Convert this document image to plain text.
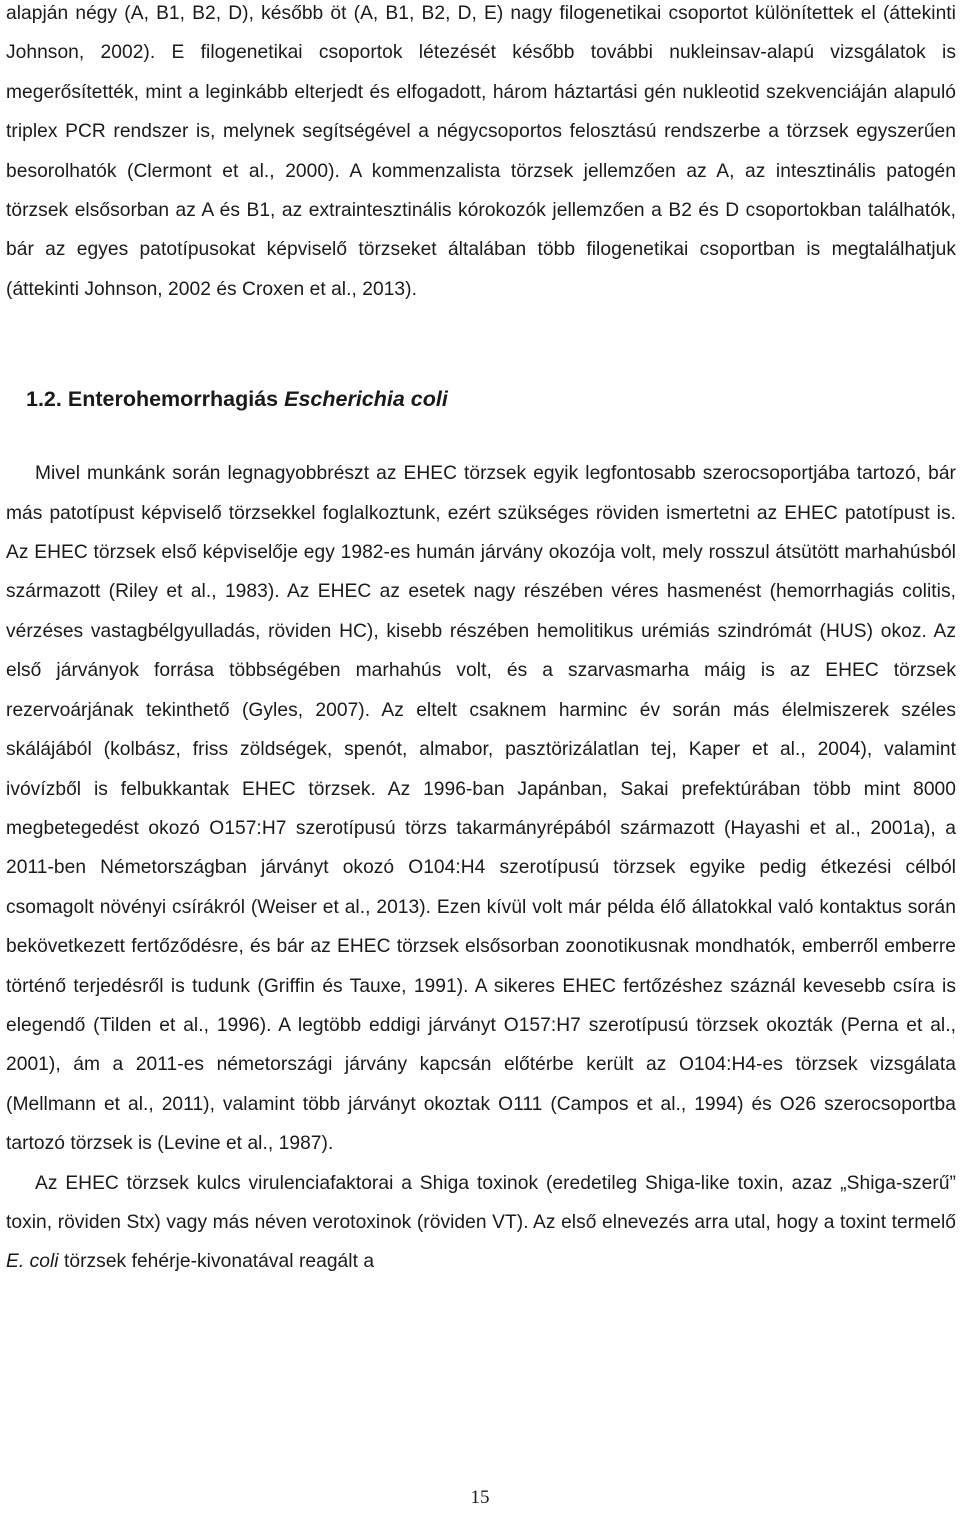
alapján négy (A, B1, B2, D), később öt (A, B1, B2, D, E) nagy filogenetikai csoportot különítettek el (áttekinti Johnson, 2002). E filogenetikai csoportok létezését később további nukleinsav-alapú vizsgálatok is megerősítették, mint a leginkább elterjedt és elfogadott, három háztartási gén nukleotid szekvenciáján alapuló triplex PCR rendszer is, melynek segítségével a négycsoportos felosztású rendszerbe a törzsek egyszerűen besorolhatók (Clermont et al., 2000). A kommenzalista törzsek jellemzően az A, az intesztinális patogén törzsek elsősorban az A és B1, az extraintesztinális kórokozók jellemzően a B2 és D csoportokban találhatók, bár az egyes patotípusokat képviselő törzseket általában több filogenetikai csoportban is megtalálhatjuk (áttekinti Johnson, 2002 és Croxen et al., 2013).

1.2. Enterohemorrhagiás Escherichia coli

Mivel munkánk során legnagyobbrészt az EHEC törzsek egyik legfontosabb szerocsoportjába tartozó, bár más patotípust képviselő törzsekkel foglalkoztunk, ezért szükséges röviden ismertetni az EHEC patotípust is. Az EHEC törzsek első képviselője egy 1982-es humán járvány okozója volt, mely rosszul átsütött marhahúsból származott (Riley et al., 1983). Az EHEC az esetek nagy részében véres hasmenést (hemorrhagiás colitis, vérzéses vastagbélgyulladás, röviden HC), kisebb részében hemolitikus urémiás szindrómát (HUS) okoz. Az első járványok forrása többségében marhahús volt, és a szarvasmarha máig is az EHEC törzsek rezervoárjának tekinthető (Gyles, 2007). Az eltelt csaknem harminc év során más élelmiszerek széles skálájából (kolbász, friss zöldségek, spenót, almabor, pasztörizálatlan tej, Kaper et al., 2004), valamint ivóvízből is felbukkantak EHEC törzsek. Az 1996-ban Japánban, Sakai prefektúrában több mint 8000 megbetegedést okozó O157:H7 szerotípusú törzs takarmányrépából származott (Hayashi et al., 2001a), a 2011-ben Németországban járványt okozó O104:H4 szerotípusú törzsek egyike pedig étkezési célból csomagolt növényi csírákról (Weiser et al., 2013). Ezen kívül volt már példa élő állatokkal való kontaktus során bekövetkezett fertőződésre, és bár az EHEC törzsek elsősorban zoonotikusnak mondhatók, emberről emberre történő terjedésről is tudunk (Griffin és Tauxe, 1991). A sikeres EHEC fertőzéshez száznál kevesebb csíra is elegendő (Tilden et al., 1996). A legtöbb eddigi járványt O157:H7 szerotípusú törzsek okozták (Perna et al., 2001), ám a 2011-es németországi járvány kapcsán előtérbe került az O104:H4-es törzsek vizsgálata (Mellmann et al., 2011), valamint több járványt okoztak O111 (Campos et al., 1994) és O26 szerocsoportba tartozó törzsek is (Levine et al., 1987).

Az EHEC törzsek kulcs virulenciafaktorai a Shiga toxinok (eredetileg Shiga-like toxin, azaz „Shiga-szerű” toxin, röviden Stx) vagy más néven verotoxinok (röviden VT). Az első elnevezés arra utal, hogy a toxint termelő E. coli törzsek fehérje-kivonatával reagált a

15
